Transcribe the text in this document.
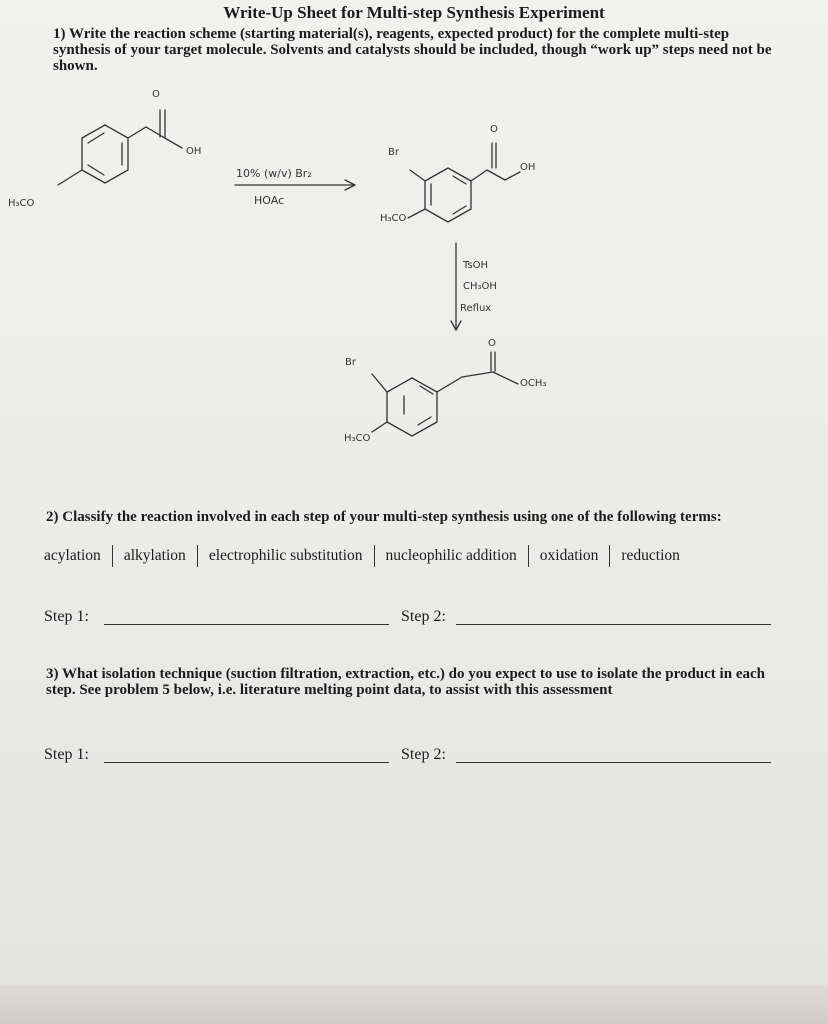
Write-Up Sheet for Multi-step Synthesis Experiment
1) Write the reaction scheme (starting material(s), reagents, expected product) for the complete multi-step synthesis of your target molecule. Solvents and catalysts should be included, though “work up” steps need not be shown.
O
OH
H₃CO
10% (w/v) Br₂
HOAc
O
Br
OH
H₃CO
TsOH
CH₃OH
Reflux
O
Br
OCH₃
H₃CO
2) Classify the reaction involved in each step of your multi-step synthesis using one of the following terms:
acylation alkylation electrophilic substitution nucleophilic addition oxidation reduction
Step 1:	Step 2:
3) What isolation technique (suction filtration, extraction, etc.) do you expect to use to isolate the product in each step. See problem 5 below, i.e. literature melting point data, to assist with this assessment
Step 1:	Step 2:
